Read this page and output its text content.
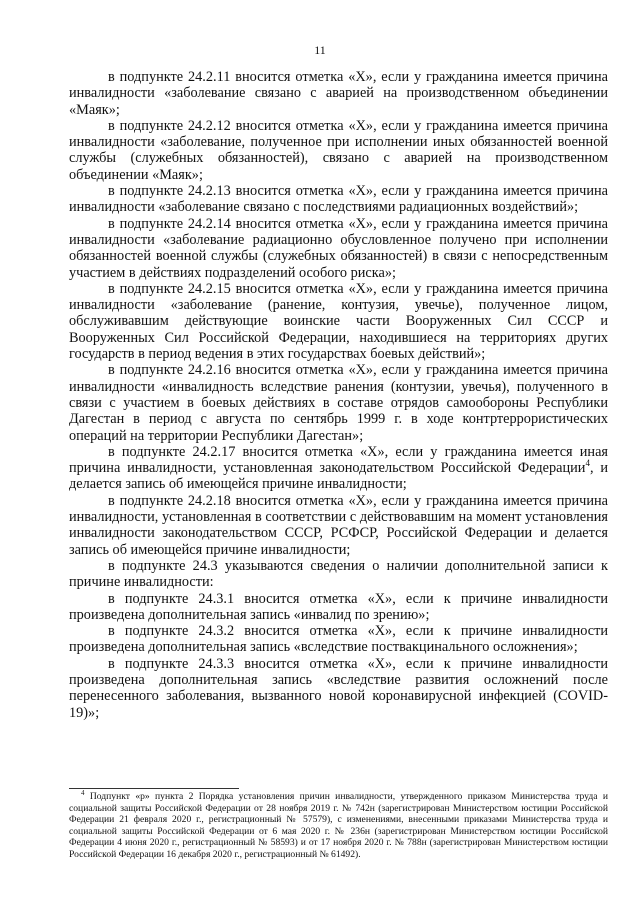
11

в подпункте 24.2.11 вносится отметка «Х», если у гражданина имеется причина инвалидности «заболевание связано с аварией на производственном объединении «Маяк»;

в подпункте 24.2.12 вносится отметка «Х», если у гражданина имеется причина инвалидности «заболевание, полученное при исполнении иных обязанностей военной службы (служебных обязанностей), связано с аварией на производственном объединении «Маяк»;

в подпункте 24.2.13 вносится отметка «Х», если у гражданина имеется причина инвалидности «заболевание связано с последствиями радиационных воздействий»;

в подпункте 24.2.14 вносится отметка «Х», если у гражданина имеется причина инвалидности «заболевание радиационно обусловленное получено при исполнении обязанностей военной службы (служебных обязанностей) в связи с непосредственным участием в действиях подразделений особого риска»;

в подпункте 24.2.15 вносится отметка «Х», если у гражданина имеется причина инвалидности «заболевание (ранение, контузия, увечье), полученное лицом, обслуживавшим действующие воинские части Вооруженных Сил СССР и Вооруженных Сил Российской Федерации, находившиеся на территориях других государств в период ведения в этих государствах боевых действий»;

в подпункте 24.2.16 вносится отметка «Х», если у гражданина имеется причина инвалидности «инвалидность вследствие ранения (контузии, увечья), полученного в связи с участием в боевых действиях в составе отрядов самообороны Республики Дагестан в период с августа по сентябрь 1999 г. в ходе контртеррористических операций на территории Республики Дагестан»;

в подпункте 24.2.17 вносится отметка «Х», если у гражданина имеется иная причина инвалидности, установленная законодательством Российской Федерации$^4$, и делается запись об имеющейся причине инвалидности;

в подпункте 24.2.18 вносится отметка «Х», если у гражданина имеется причина инвалидности, установленная в соответствии с действовавшим на момент установления инвалидности законодательством СССР, РСФСР, Российской Федерации и делается запись об имеющейся причине инвалидности;

в подпункте 24.3 указываются сведения о наличии дополнительной записи к причине инвалидности:

в подпункте 24.3.1 вносится отметка «Х», если к причине инвалидности произведена дополнительная запись «инвалид по зрению»;

в подпункте 24.3.2 вносится отметка «Х», если к причине инвалидности произведена дополнительная запись «вследствие поствакцинального осложнения»;

в подпункте 24.3.3 вносится отметка «Х», если к причине инвалидности произведена дополнительная запись «вследствие развития осложнений после перенесенного заболевания, вызванного новой коронавирусной инфекцией (COVID-19)»;

$^4$ Подпункт «р» пункта 2 Порядка установления причин инвалидности, утвержденного приказом Министерства труда и социальной защиты Российской Федерации от 28 ноября 2019 г. № 742н (зарегистрирован Министерством юстиции Российской Федерации 21 февраля 2020 г., регистрационный № 57579), с изменениями, внесенными приказами Министерства труда и социальной защиты Российской Федерации от 6 мая 2020 г. № 236н (зарегистрирован Министерством юстиции Российской Федерации 4 июня 2020 г., регистрационный № 58593) и от 17 ноября 2020 г. № 788н (зарегистрирован Министерством юстиции Российской Федерации 16 декабря 2020 г., регистрационный № 61492).
